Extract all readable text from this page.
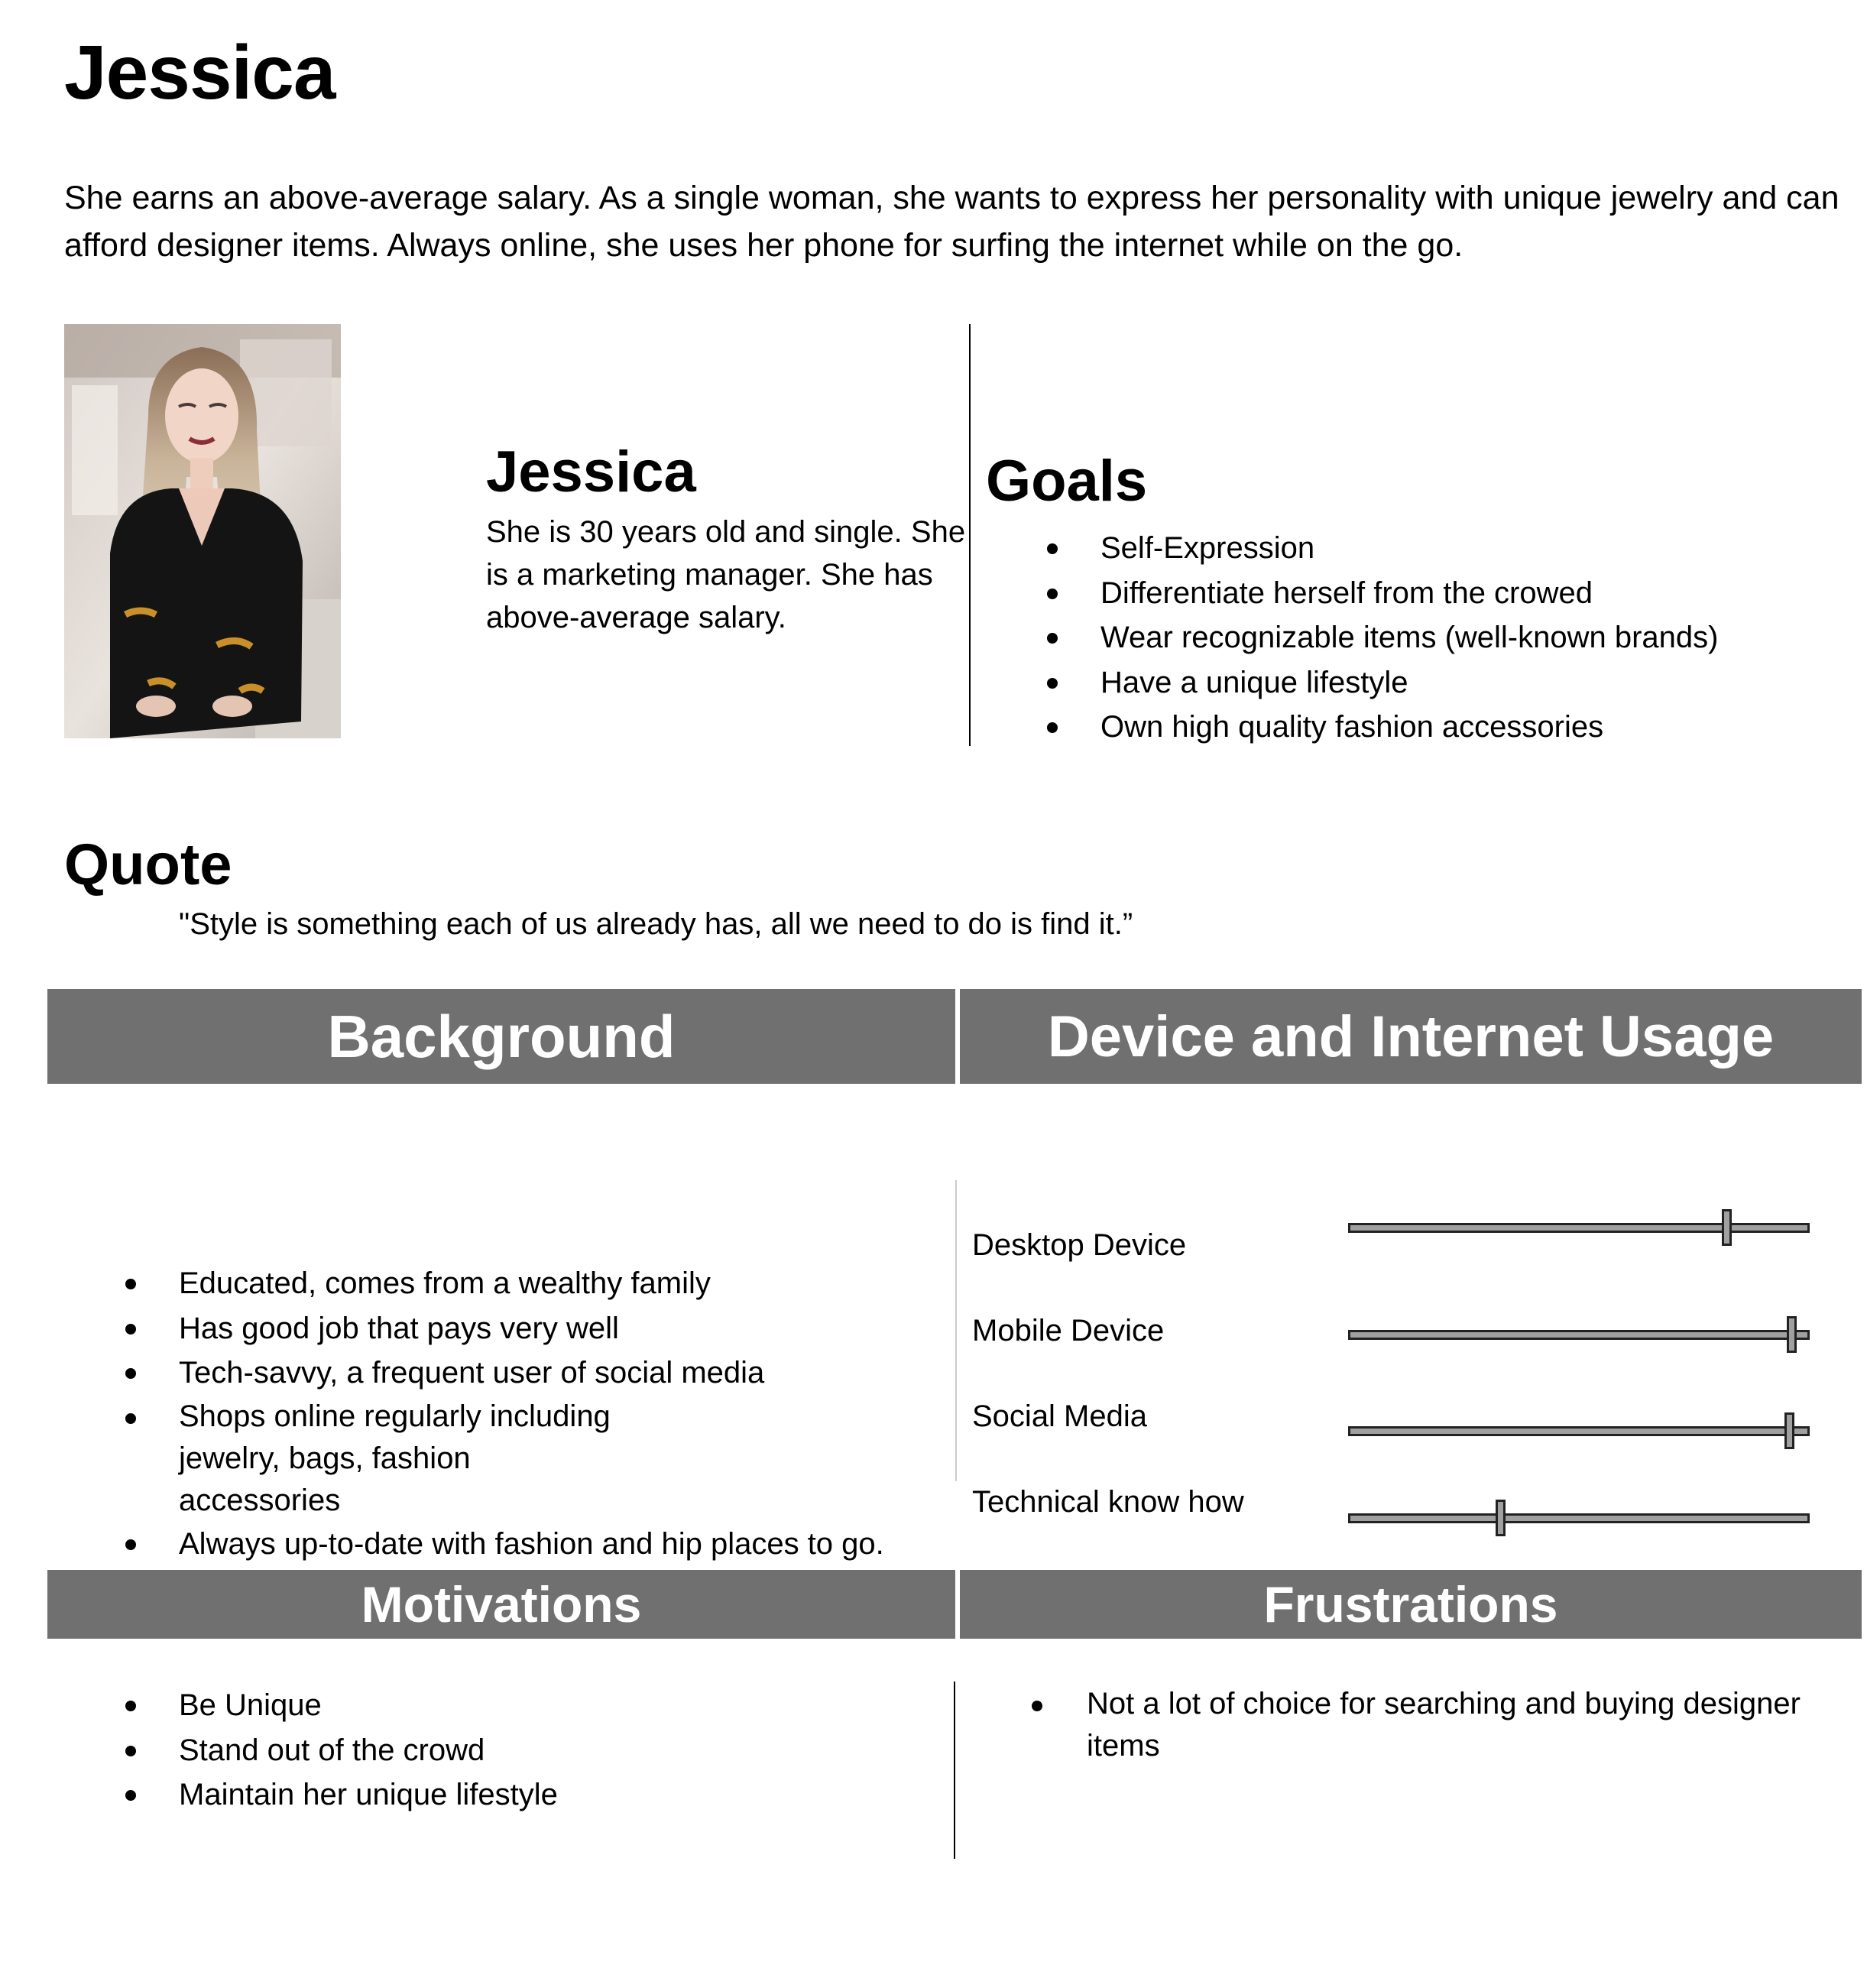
Jessica

She earns an above-average salary. As a single woman, she wants to express her personality with unique jewelry and can afford designer items. Always online, she uses her phone for surfing the internet while on the go.

Jessica

She is 30 years old and single. She is a marketing manager. She has above-average salary.

Goals
Self-Expression
Differentiate herself from the crowed
Wear recognizable items (well-known brands)
Have a unique lifestyle
Own high quality fashion accessories
Quote
"Style is something each of us already has, all we need to do is find it.”
Background	Device and Internet Usage
Educated, comes from a wealthy family
Has good job that pays very well
Tech-savvy, a frequent user of social media
Shops online regularly including jewelry, bags, fashion accessories
Always up-to-date with fashion and hip places to go.
Desktop Device
Mobile Device
Social Media
Technical know how
Motivations	Frustrations
Be Unique
Stand out of the crowd
Maintain her unique lifestyle
Not a lot of choice for searching and buying designer items
